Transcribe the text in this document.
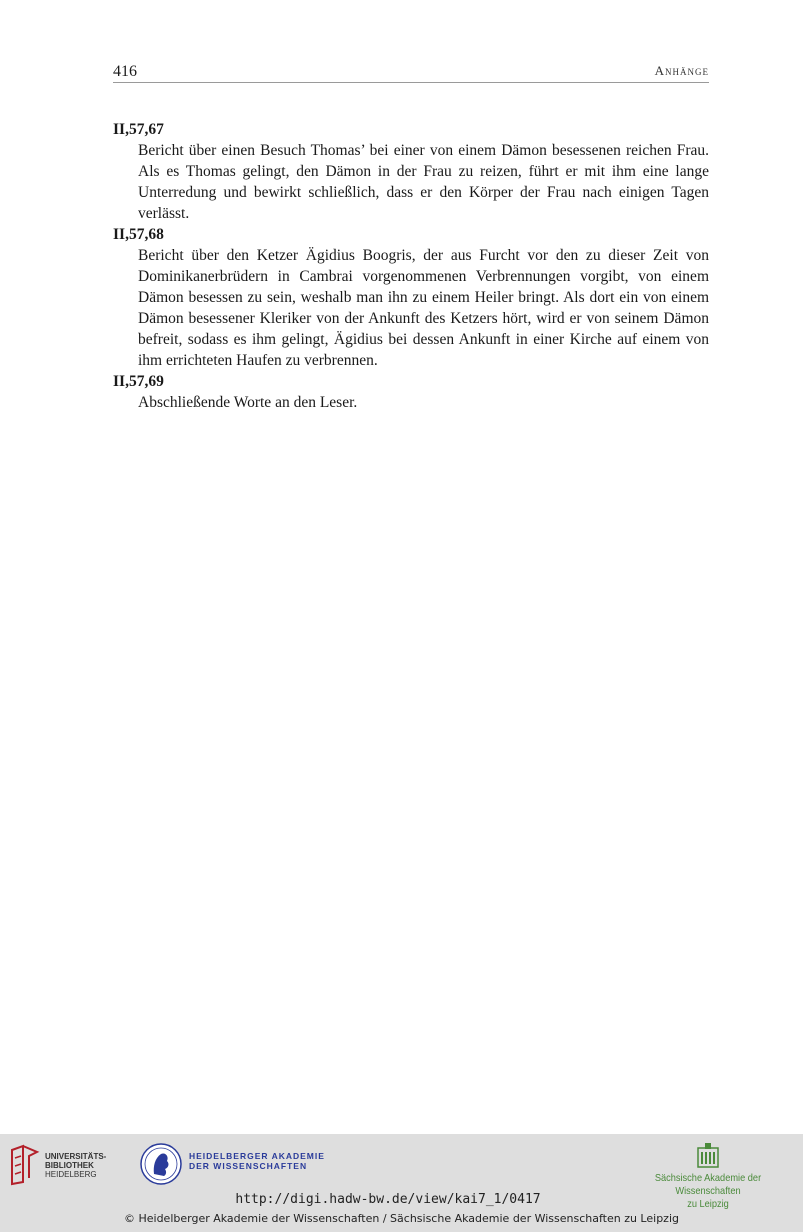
416	Anhänge
II,57,67
Bericht über einen Besuch Thomas’ bei einer von einem Dämon besessenen reichen Frau. Als es Thomas gelingt, den Dämon in der Frau zu reizen, führt er mit ihm eine lange Unterredung und bewirkt schließlich, dass er den Körper der Frau nach einigen Tagen verlässt.
II,57,68
Bericht über den Ketzer Ägidius Boogris, der aus Furcht vor den zu dieser Zeit von Dominikanerbrüdern in Cambrai vorgenommenen Verbrennungen vorgibt, von einem Dämon besessen zu sein, weshalb man ihn zu einem Heiler bringt. Als dort ein von einem Dämon besessener Kleriker von der Ankunft des Ketzers hört, wird er von seinem Dämon befreit, sodass es ihm gelingt, Ägidius bei dessen Ankunft in einer Kirche auf einem von ihm errichteten Haufen zu verbrennen.
II,57,69
Abschließende Worte an den Leser.
UNIVERSITÄTS-
BIBLIOTHEK
HEIDELBERG
HEIDELBERGER AKADEMIE
DER WISSENSCHAFTEN
Sächsische Akademie der Wissenschaften
zu Leipzig
http://digi.hadw-bw.de/view/kai7_1/0417
© Heidelberger Akademie der Wissenschaften / Sächsische Akademie der Wissenschaften zu Leipzig
